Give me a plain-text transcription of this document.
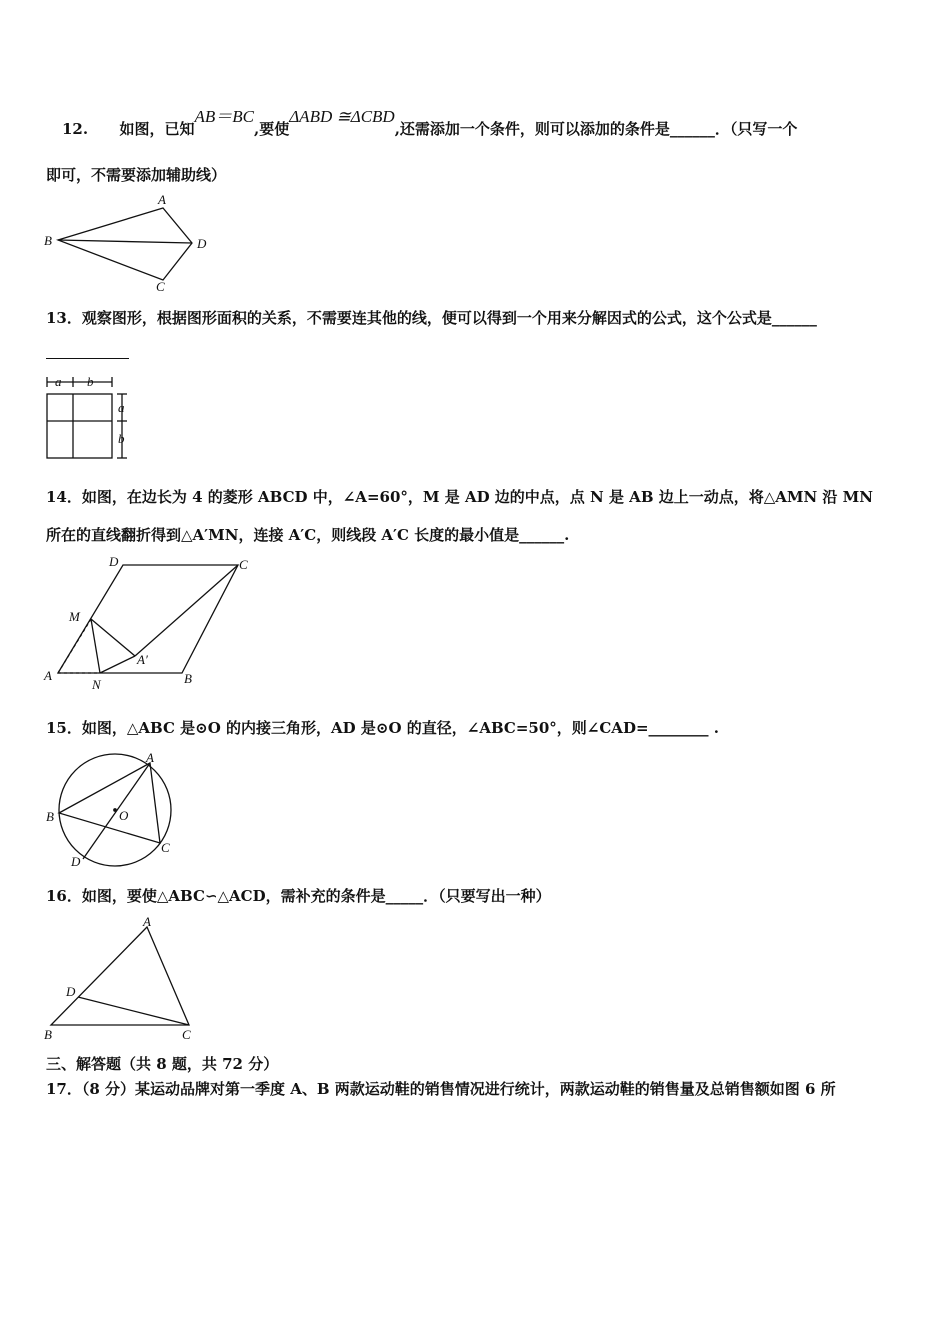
12. 如图，已知AB＝BC,要使ΔABD ≅ΔCBD,还需添加一个条件，则可以添加的条件是______．（只写一个
即可，不需要添加辅助线）
A
B	D
C
13．观察图形，根据图形面积的关系，不需要连其他的线，便可以得到一个用来分解因式的公式，这个公式是______
a b
a
b
14．如图，在边长为 4 的菱形 ABCD 中，∠A=60°，M 是 AD 边的中点，点 N 是 AB 边上一动点，将△AMN 沿 MN
所在的直线翻折得到△A′MN，连接 A′C，则线段 A′C 长度的最小值是______.
D	C
M
A′
A
N	B
15．如图，△ABC 是⊙O 的内接三角形，AD 是⊙O 的直径，∠ABC=50°，则∠CAD=________ .
A
B	O
C
D
16．如图，要使△ABC∽△ACD，需补充的条件是_____．（只要写出一种）
A
D
B	C
三、解答题（共 8 题，共 72 分）
17．（8 分）某运动品牌对第一季度 A、B 两款运动鞋的销售情况进行统计，两款运动鞋的销售量及总销售额如图 6 所
